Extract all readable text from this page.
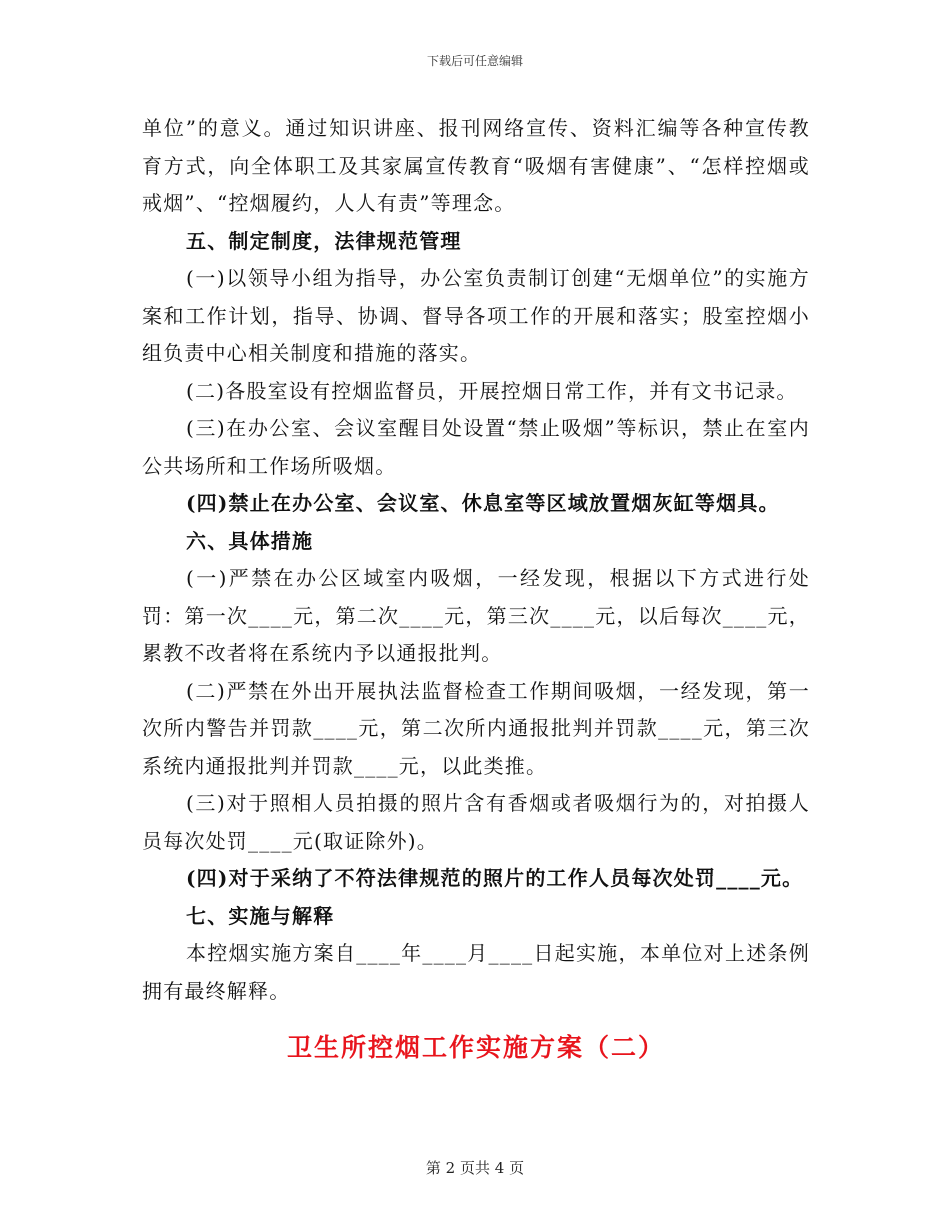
下载后可任意编辑

单位”的意义。通过知识讲座、报刊网络宣传、资料汇编等各种宣传教育方式，向全体职工及其家属宣传教育“吸烟有害健康”、“怎样控烟或戒烟”、“控烟履约，人人有责”等理念。

五、制定制度，法律规范管理

(一)以领导小组为指导，办公室负责制订创建“无烟单位”的实施方案和工作计划，指导、协调、督导各项工作的开展和落实；股室控烟小组负责中心相关制度和措施的落实。

(二)各股室设有控烟监督员，开展控烟日常工作，并有文书记录。

(三)在办公室、会议室醒目处设置“禁止吸烟”等标识，禁止在室内公共场所和工作场所吸烟。

(四)禁止在办公室、会议室、休息室等区域放置烟灰缸等烟具。

六、具体措施

(一)严禁在办公区域室内吸烟，一经发现，根据以下方式进行处罚：第一次____元，第二次____元，第三次____元，以后每次____元，累教不改者将在系统内予以通报批判。

(二)严禁在外出开展执法监督检查工作期间吸烟，一经发现，第一次所内警告并罚款____元，第二次所内通报批判并罚款____元，第三次系统内通报批判并罚款____元，以此类推。

(三)对于照相人员拍摄的照片含有香烟或者吸烟行为的，对拍摄人员每次处罚____元(取证除外)。

(四)对于采纳了不符法律规范的照片的工作人员每次处罚____元。

七、实施与解释

本控烟实施方案自____年____月____日起实施，本单位对上述条例拥有最终解释。

卫生所控烟工作实施方案（二）

第 2 页共 4 页
